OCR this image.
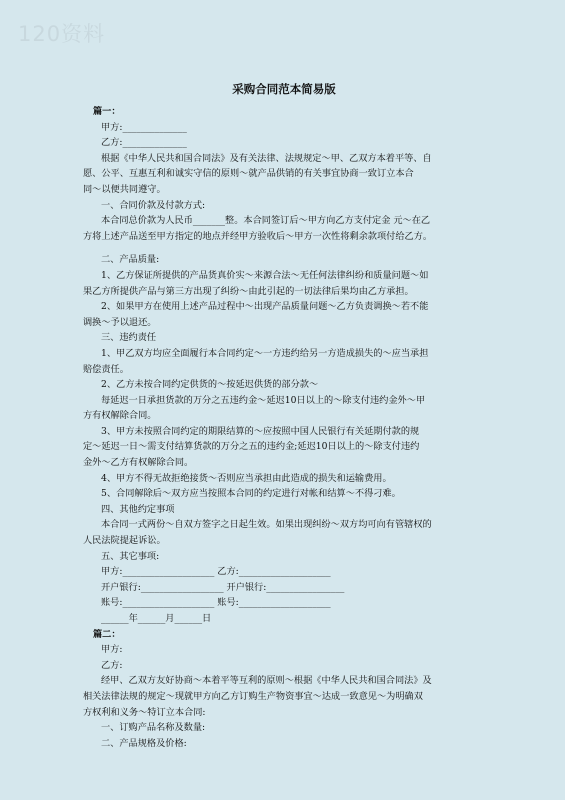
120资料
采购合同范本简易版
篇一：
甲方:______________
乙方:______________
根据《中华人民共和国合同法》及有关法律、法规规定～甲、乙双方本着平等、自
愿、公平、互惠互利和诚实守信的原则～就产品供销的有关事宜协商一致订立本合
同～以便共同遵守。
一、合同价款及付款方式:
本合同总价款为人民币_______整。本合同签订后～甲方向乙方支付定金 元～在乙
方将上述产品送至甲方指定的地点并经甲方验收后～甲方一次性将剩余款项付给乙方。
二、产品质量:
1、乙方保证所提供的产品货真价实～来源合法～无任何法律纠纷和质量问题～如
果乙方所提供产品与第三方出现了纠纷～由此引起的一切法律后果均由乙方承担。
2、如果甲方在使用上述产品过程中～出现产品质量问题～乙方负责调换～若不能
调换～予以退还。
三、违约责任
1、甲乙双方均应全面履行本合同约定～一方违约给另一方造成损失的～应当承担
赔偿责任。
2、乙方未按合同约定供货的～按延迟供货的部分款～
每延迟一日承担货款的万分之五违约金～延迟10日以上的～除支付违约金外～甲
方有权解除合同。
3、甲方未按照合同约定的期限结算的～应按照中国人民银行有关延期付款的规
定～延迟一日～需支付结算货款的万分之五的违约金;延迟10日以上的～除支付违约
金外～乙方有权解除合同。
4、甲方不得无故拒绝接货～否则应当承担由此造成的损失和运输费用。
5、合同解除后～双方应当按照本合同的约定进行对帐和结算～不得刁难。
四、其他约定事项
本合同一式两份～自双方签字之日起生效。如果出现纠纷～双方均可向有管辖权的
人民法院提起诉讼。
五、其它事项:
甲方:____________________ 乙方:____________________
开户银行:__________________ 开户银行:_________________
账号:____________________ 账号:____________________
______年______月______日
篇二：
甲方:
乙方:
经甲、乙双方友好协商～本着平等互利的原则～根据《中华人民共和国合同法》及
相关法律法规的规定～现就甲方向乙方订购生产物资事宜～达成一致意见～为明确双
方权利和义务～特订立本合同:
一、订购产品名称及数量:
二、产品规格及价格:
